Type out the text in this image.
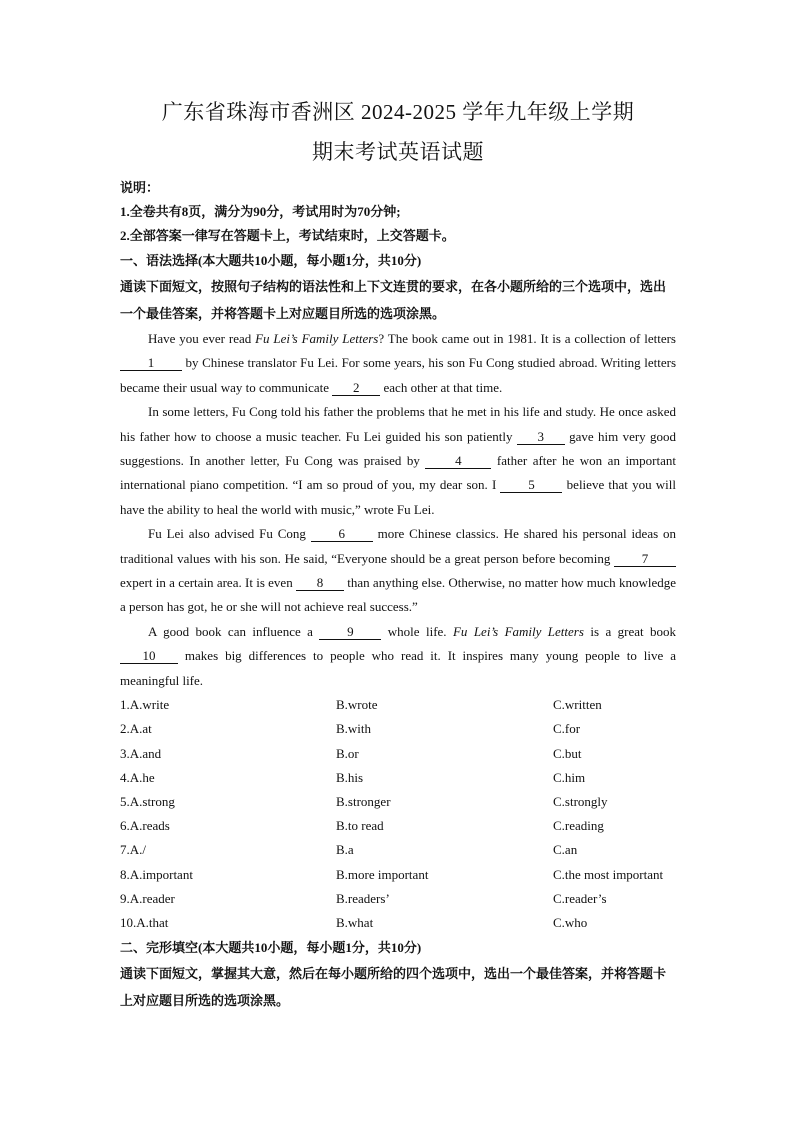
广东省珠海市香洲区 2024-2025 学年九年级上学期
期末考试英语试题

说明：

1.全卷共有8页，满分为90分，考试用时为70分钟;

2.全部答案一律写在答题卡上，考试结束时，上交答题卡。

一、语法选择(本大题共10小题，每小题1分，共10分)

通读下面短文，按照句子结构的语法性和上下文连贯的要求，在各小题所给的三个选项中，选出一个最佳答案，并将答题卡上对应题目所选的选项涂黑。

Have you ever read Fu Lei’s Family Letters? The book came out in 1981. It is a collection of letters 1 by Chinese translator Fu Lei. For some years, his son Fu Cong studied abroad. Writing letters became their usual way to communicate 2 each other at that time.

In some letters, Fu Cong told his father the problems that he met in his life and study. He once asked his father how to choose a music teacher. Fu Lei guided his son patiently 3 gave him very good suggestions. In another letter, Fu Cong was praised by 4 father after he won an important international piano competition. “I am so proud of you, my dear son. I 5 believe that you will have the ability to heal the world with music,” wrote Fu Lei.

Fu Lei also advised Fu Cong 6 more Chinese classics. He shared his personal ideas on traditional values with his son. He said, “Everyone should be a great person before becoming 7 expert in a certain area. It is even 8 than anything else. Otherwise, no matter how much knowledge a person has got, he or she will not achieve real success.”

A good book can influence a 9 whole life. Fu Lei’s Family Letters is a great book 10 makes big differences to people who read it. It inspires many young people to live a meaningful life.

1.A.write	B.wrote	C.written
2.A.at	B.with	C.for
3.A.and	B.or	C.but
4.A.he	B.his	C.him
5.A.strong	B.stronger	C.strongly
6.A.reads	B.to read	C.reading
7.A./	B.a	C.an
8.A.important	B.more important	C.the most important
9.A.reader	B.readers’	C.reader’s
10.A.that	B.what	C.who

二、完形填空(本大题共10小题，每小题1分，共10分)

通读下面短文，掌握其大意，然后在每小题所给的四个选项中，选出一个最佳答案，并将答题卡上对应题目所选的选项涂黑。
